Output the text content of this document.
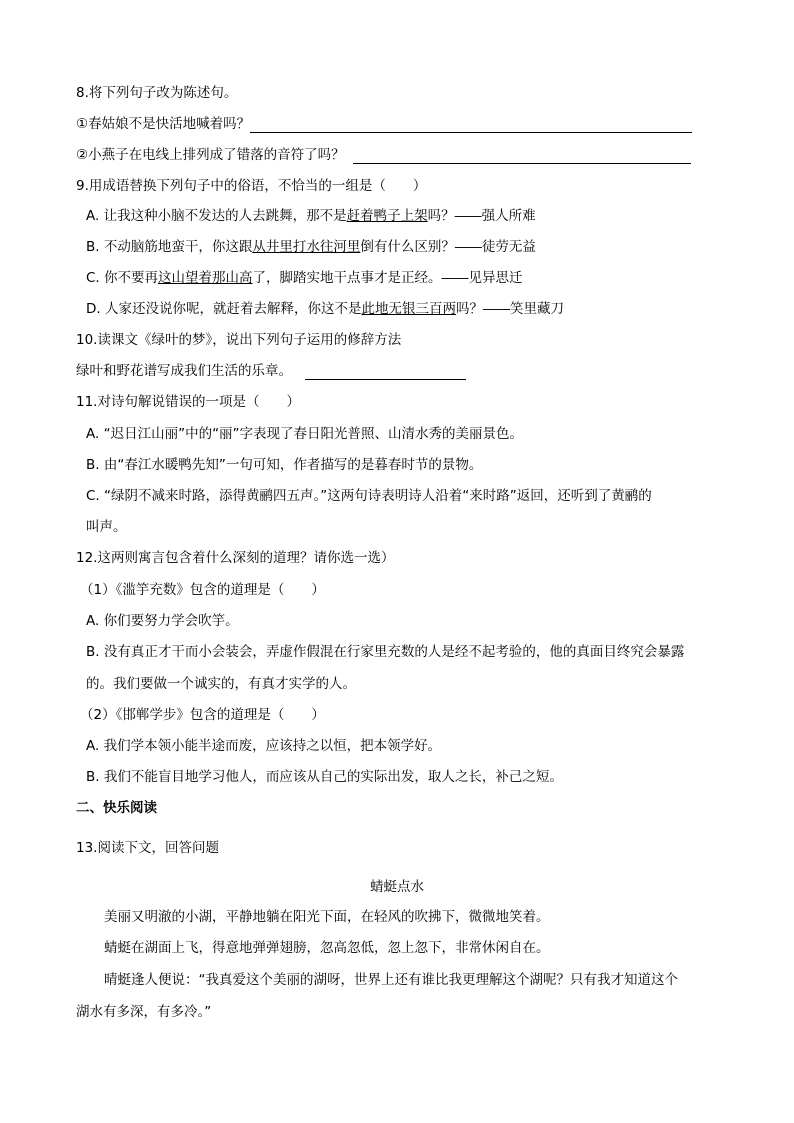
8.将下列句子改为陈述句。
①春姑娘不是快活地喊着吗？
②小燕子在电线上排列成了错落的音符了吗？
9.用成语替换下列句子中的俗语，不恰当的一组是（　　）
A. 让我这种小脑不发达的人去跳舞，那不是赶着鸭子上架吗？――强人所难
B. 不动脑筋地蛮干，你这跟从井里打水往河里倒有什么区别？――徒劳无益
C. 你不要再这山望着那山高了，脚踏实地干点事才是正经。――见异思迁
D. 人家还没说你呢，就赶着去解释，你这不是此地无银三百两吗？――笑里藏刀
10.读课文《绿叶的梦》，说出下列句子运用的修辞方法
绿叶和野花谱写成我们生活的乐章。
11.对诗句解说错误的一项是（　　）
A. “迟日江山丽”中的“丽”字表现了春日阳光普照、山清水秀的美丽景色。
B. 由“春江水暖鸭先知”一句可知，作者描写的是暮春时节的景物。
C. “绿阴不减来时路，添得黄鹂四五声。”这两句诗表明诗人沿着“来时路”返回，还听到了黄鹂的
叫声。
12.这两则寓言包含着什么深刻的道理？请你选一选）
（1）《滥竽充数》包含的道理是（　　）
A. 你们要努力学会吹竽。
B. 没有真正才干而小会装会，弄虚作假混在行家里充数的人是经不起考验的，他的真面目终究会暴露
的。我们要做一个诚实的，有真才实学的人。
（2）《邯郸学步》包含的道理是（　　）
A. 我们学本领小能半途而废，应该持之以恒，把本领学好。
B. 我们不能盲目地学习他人，而应该从自己的实际出发，取人之长，补己之短。
二、快乐阅读
13.阅读下文，回答问题
蜻蜓点水
美丽又明澈的小湖，平静地躺在阳光下面，在轻风的吹拂下，微微地笑着。
蜻蜓在湖面上飞，得意地弹弹翅膀，忽高忽低，忽上忽下，非常休闲自在。
晴蜓逢人便说：“我真爱这个美丽的湖呀，世界上还有谁比我更理解这个湖呢？只有我才知道这个
湖水有多深，有多冷。”
